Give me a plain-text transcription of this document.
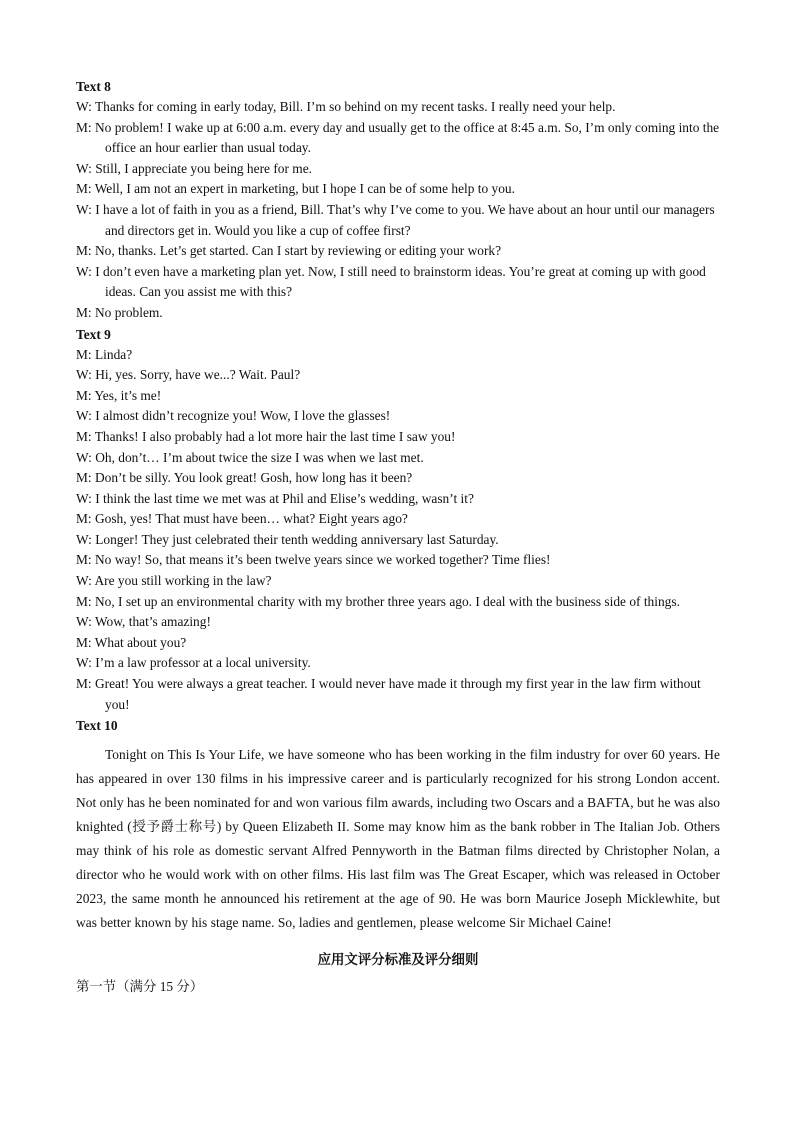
Text 8
W: Thanks for coming in early today, Bill. I’m so behind on my recent tasks. I really need your help.
M: No problem! I wake up at 6:00 a.m. every day and usually get to the office at 8:45 a.m. So, I’m only coming into the office an hour earlier than usual today.
W: Still, I appreciate you being here for me.
M: Well, I am not an expert in marketing, but I hope I can be of some help to you.
W: I have a lot of faith in you as a friend, Bill. That’s why I’ve come to you. We have about an hour until our managers and directors get in. Would you like a cup of coffee first?
M: No, thanks. Let’s get started. Can I start by reviewing or editing your work?
W: I don’t even have a marketing plan yet. Now, I still need to brainstorm ideas. You’re great at coming up with good ideas. Can you assist me with this?
M: No problem.
Text 9
M: Linda?
W: Hi, yes. Sorry, have we...? Wait. Paul?
M: Yes, it’s me!
W: I almost didn’t recognize you! Wow, I love the glasses!
M: Thanks! I also probably had a lot more hair the last time I saw you!
W: Oh, don’t… I’m about twice the size I was when we last met.
M: Don’t be silly. You look great! Gosh, how long has it been?
W: I think the last time we met was at Phil and Elise’s wedding, wasn’t it?
M: Gosh, yes! That must have been… what? Eight years ago?
W: Longer! They just celebrated their tenth wedding anniversary last Saturday.
M: No way! So, that means it’s been twelve years since we worked together? Time flies!
W: Are you still working in the law?
M: No, I set up an environmental charity with my brother three years ago. I deal with the business side of things.
W: Wow, that’s amazing!
M: What about you?
W: I’m a law professor at a local university.
M: Great! You were always a great teacher. I would never have made it through my first year in the law firm without you!
Text 10

Tonight on This Is Your Life, we have someone who has been working in the film industry for over 60 years. He has appeared in over 130 films in his impressive career and is particularly recognized for his strong London accent. Not only has he been nominated for and won various film awards, including two Oscars and a BAFTA, but he was also knighted (授予爵士称号) by Queen Elizabeth II. Some may know him as the bank robber in The Italian Job. Others may think of his role as domestic servant Alfred Pennyworth in the Batman films directed by Christopher Nolan, a director who he would work with on other films. His last film was The Great Escaper, which was released in October 2023, the same month he announced his retirement at the age of 90. He was born Maurice Joseph Micklewhite, but was better known by his stage name. So, ladies and gentlemen, please welcome Sir Michael Caine!

应用文评分标准及评分细则
第一节（满分 15 分）
